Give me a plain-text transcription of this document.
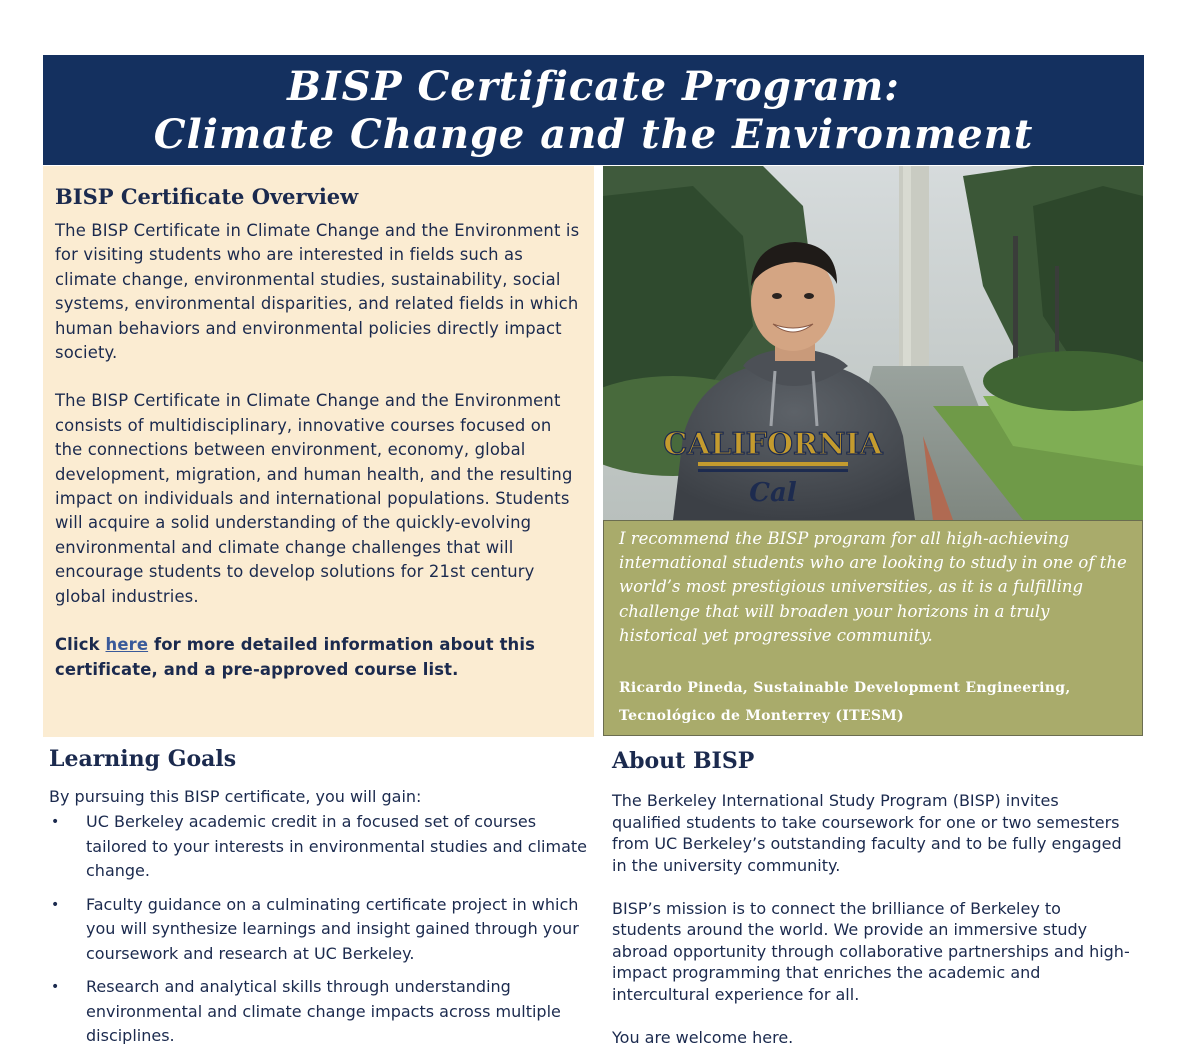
BISP Certificate Program:
Climate Change and the Environment
BISP Certificate Overview

The BISP Certificate in Climate Change and the Environment is for visiting students who are interested in fields such as climate change, environmental studies, sustainability, social systems, environmental disparities, and related fields in which human behaviors and environmental policies directly impact society.

The BISP Certificate in Climate Change and the Environment consists of multidisciplinary, innovative courses focused on the connections between environment, economy, global development, migration, and human health, and the resulting impact on individuals and international populations. Students will acquire a solid understanding of the quickly-evolving environmental and climate change challenges that will encourage students to develop solutions for 21st century global industries.

Click here for more detailed information about this certificate, and a pre-approved course list.

CALIFORNIA
Cal

I recommend the BISP program for all high-achieving international students who are looking to study in one of the world’s most prestigious universities, as it is a fulfilling challenge that will broaden your horizons in a truly historical yet progressive community.

Ricardo Pineda, Sustainable Development Engineering,
Tecnológico de Monterrey (ITESM)
Learning Goals

By pursuing this BISP certificate, you will gain:

• UC Berkeley academic credit in a focused set of courses tailored to your interests in environmental studies and climate change.
• Faculty guidance on a culminating certificate project in which you will synthesize learnings and insight gained through your coursework and research at UC Berkeley.
• Research and analytical skills through understanding environmental and climate change impacts across multiple disciplines.
About BISP

The Berkeley International Study Program (BISP) invites qualified students to take coursework for one or two semesters from UC Berkeley’s outstanding faculty and to be fully engaged in the university community.

BISP’s mission is to connect the brilliance of Berkeley to students around the world. We provide an immersive study abroad opportunity through collaborative partnerships and high-impact programming that enriches the academic and intercultural experience for all.

You are welcome here.
